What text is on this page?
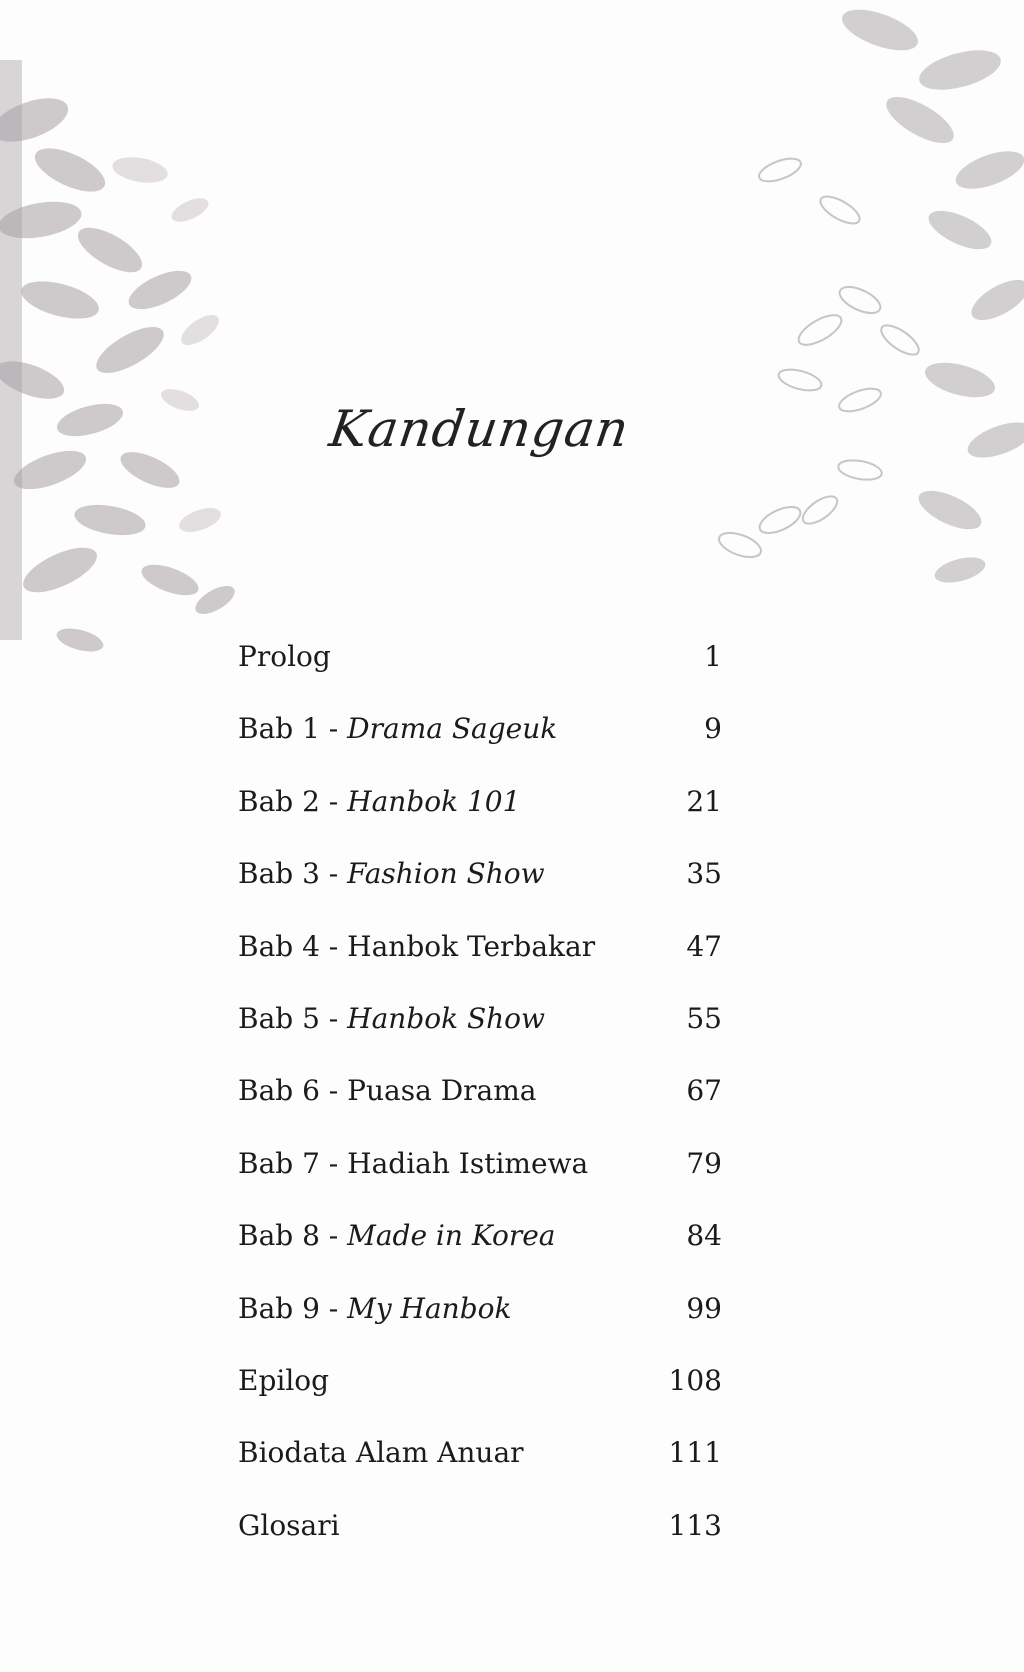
Kandungan
Prolog	1
Bab 1 - Drama Sageuk	9
Bab 2 - Hanbok 101	21
Bab 3 - Fashion Show	35
Bab 4 - Hanbok Terbakar	47
Bab 5 - Hanbok Show	55
Bab 6 - Puasa Drama	67
Bab 7 - Hadiah Istimewa	79
Bab 8 - Made in Korea	84
Bab 9 - My Hanbok	99
Epilog	108
Biodata Alam Anuar	111
Glosari	113
